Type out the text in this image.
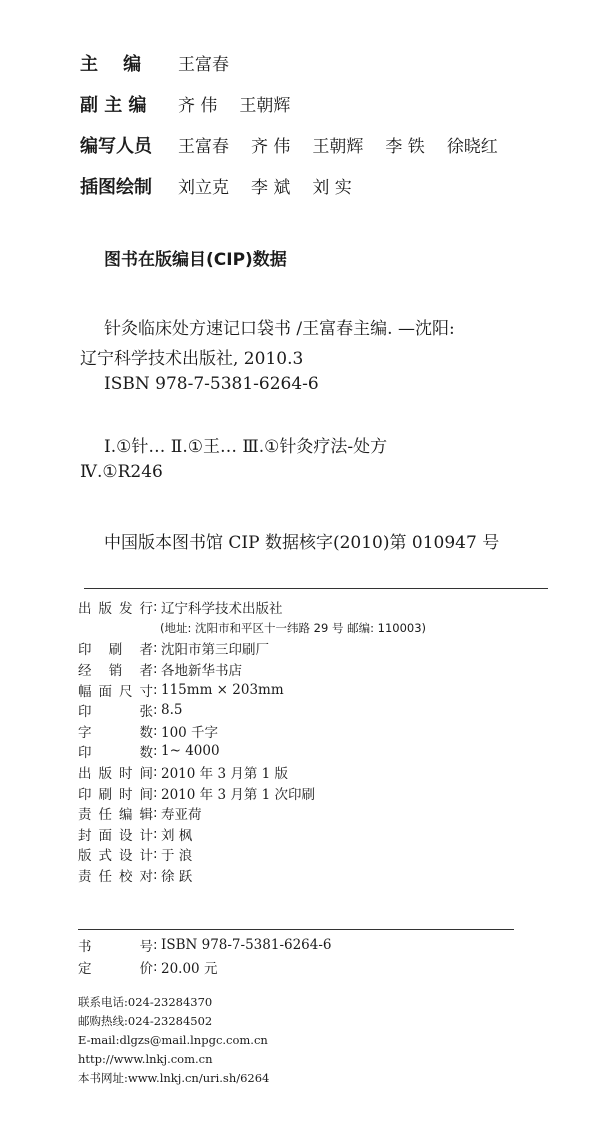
主    编	王富春
副 主 编	齐 伟 王朝辉
编写人员	王富春 齐 伟 王朝辉 李 铁 徐晓红
插图绘制	刘立克 李 斌 刘 实
图书在版编目(CIP)数据
针灸临床处方速记口袋书 /王富春主编. —沈阳:
辽宁科学技术出版社, 2010.3
ISBN 978-7-5381-6264-6
Ⅰ.①针… Ⅱ.①王… Ⅲ.①针灸疗法-处方
Ⅳ.①R246
中国版本图书馆 CIP 数据核字(2010)第 010947 号
出 版 发 行 : 辽宁科学技术出版社
(地址: 沈阳市和平区十一纬路 29 号 邮编: 110003)
印 刷 者 : 沈阳市第三印刷厂
经 销 者 : 各地新华书店
幅 面 尺 寸 : 115mm × 203mm
印	张 : 8.5
字	数 : 100 千字
印	数 : 1~ 4000
出 版 时 间 : 2010 年 3 月第 1 版
印 刷 时 间 : 2010 年 3 月第 1 次印刷
责 任 编 辑 : 寿亚荷
封 面 设 计 : 刘 枫
版 式 设 计 : 于 浪
责 任 校 对 : 徐 跃
书	号 : ISBN 978-7-5381-6264-6
定	价 : 20.00 元
联系电话 : 024-23284370
邮购热线 : 024-23284502
E-mail : dlgzs@mail.lnpgc.com.cn
http : //www.lnkj.com.cn
本书网址 : www.lnkj.cn/uri.sh/6264
